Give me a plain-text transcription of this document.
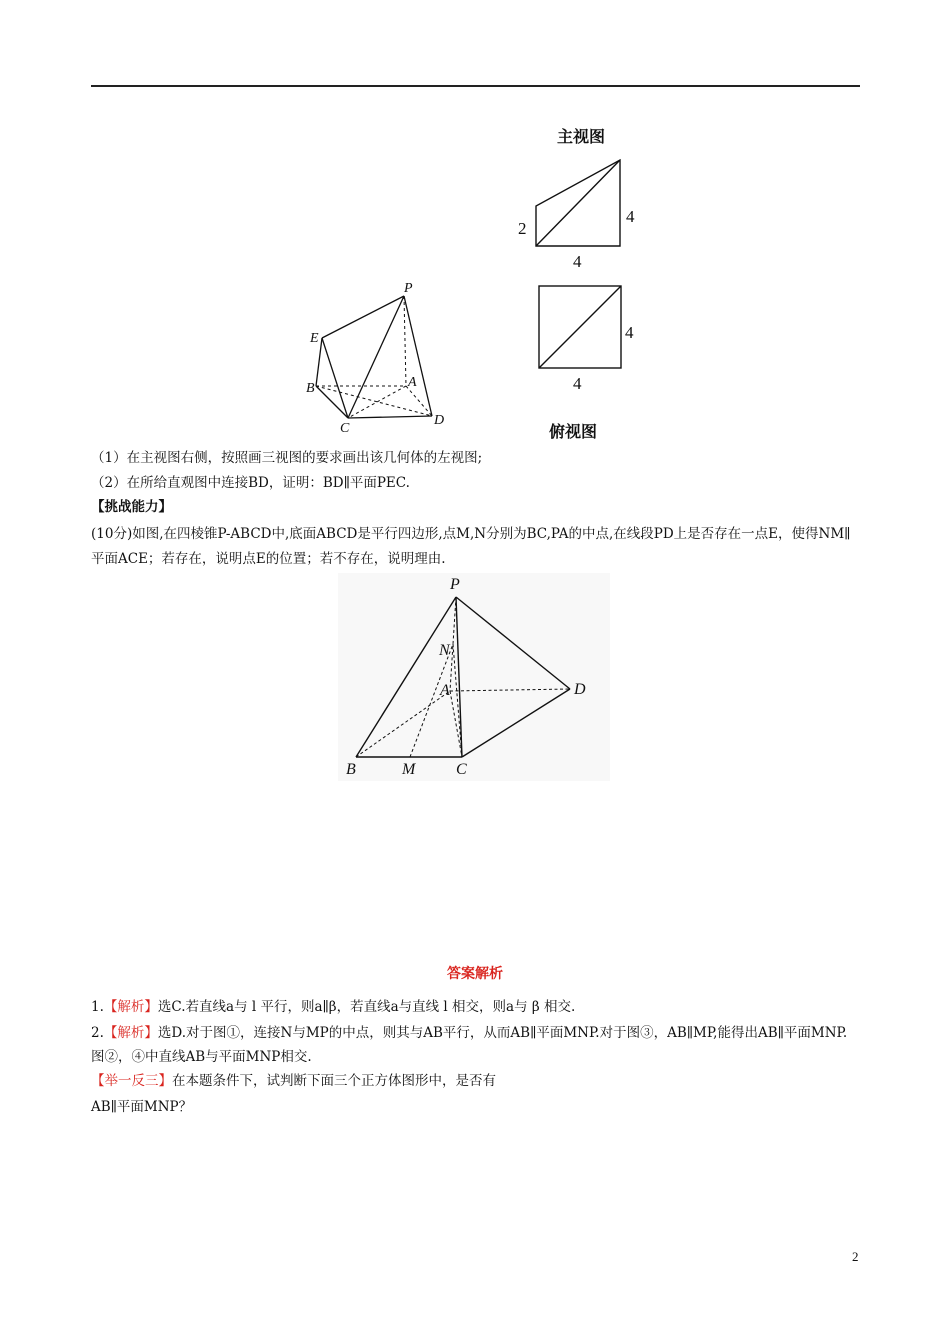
P
E
A
B
C
D
主视图
2
4
4
4
4
俯视图
（1）在主视图右侧，按照画三视图的要求画出该几何体的左视图;
（2）在所给直观图中连接BD，证明：BD∥平面PEC.
【挑战能力】
(10分)如图,在四棱锥P-ABCD中,底面ABCD是平行四边形,点M,N分别为BC,PA的中点,在线段PD上是否存在一点E，使得NM∥平面ACE；若存在，说明点E的位置；若不存在，说明理由.
P
N
A	D
B	M	C
答案解析
1.【解析】选C.若直线a与 l 平行，则a∥β，若直线a与直线 l 相交，则a与 β 相交.
2.【解析】选D.对于图①，连接N与MP的中点，则其与AB平行，从而AB∥平面MNP.对于图③，AB∥MP,能得出AB∥平面MNP.图②，④中直线AB与平面MNP相交.
【举一反三】在本题条件下，试判断下面三个正方体图形中，是否有
AB∥平面MNP？
2
